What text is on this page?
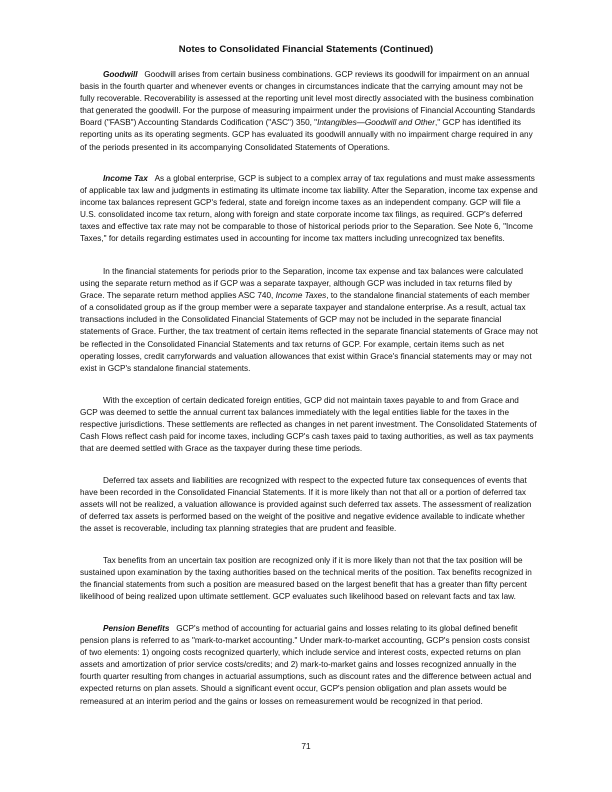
Notes to Consolidated Financial Statements (Continued)

Goodwill Goodwill arises from certain business combinations. GCP reviews its goodwill for impairment on an annual basis in the fourth quarter and whenever events or changes in circumstances indicate that the carrying amount may not be fully recoverable. Recoverability is assessed at the reporting unit level most directly associated with the business combination that generated the goodwill. For the purpose of measuring impairment under the provisions of Financial Accounting Standards Board ("FASB") Accounting Standards Codification ("ASC") 350, "Intangibles—Goodwill and Other," GCP has identified its reporting units as its operating segments. GCP has evaluated its goodwill annually with no impairment charge required in any of the periods presented in its accompanying Consolidated Statements of Operations.

Income Tax As a global enterprise, GCP is subject to a complex array of tax regulations and must make assessments of applicable tax law and judgments in estimating its ultimate income tax liability. After the Separation, income tax expense and income tax balances represent GCP's federal, state and foreign income taxes as an independent company. GCP will file a U.S. consolidated income tax return, along with foreign and state corporate income tax filings, as required. GCP's deferred taxes and effective tax rate may not be comparable to those of historical periods prior to the Separation. See Note 6, "Income Taxes," for details regarding estimates used in accounting for income tax matters including unrecognized tax benefits.

In the financial statements for periods prior to the Separation, income tax expense and tax balances were calculated using the separate return method as if GCP was a separate taxpayer, although GCP was included in tax returns filed by Grace. The separate return method applies ASC 740, Income Taxes, to the standalone financial statements of each member of a consolidated group as if the group member were a separate taxpayer and standalone enterprise. As a result, actual tax transactions included in the Consolidated Financial Statements of GCP may not be included in the separate financial statements of Grace. Further, the tax treatment of certain items reflected in the separate financial statements of Grace may not be reflected in the Consolidated Financial Statements and tax returns of GCP. For example, certain items such as net operating losses, credit carryforwards and valuation allowances that exist within Grace's financial statements may or may not exist in GCP's standalone financial statements.

With the exception of certain dedicated foreign entities, GCP did not maintain taxes payable to and from Grace and GCP was deemed to settle the annual current tax balances immediately with the legal entities liable for the taxes in the respective jurisdictions. These settlements are reflected as changes in net parent investment. The Consolidated Statements of Cash Flows reflect cash paid for income taxes, including GCP's cash taxes paid to taxing authorities, as well as tax payments that are deemed settled with Grace as the taxpayer during these time periods.

Deferred tax assets and liabilities are recognized with respect to the expected future tax consequences of events that have been recorded in the Consolidated Financial Statements. If it is more likely than not that all or a portion of deferred tax assets will not be realized, a valuation allowance is provided against such deferred tax assets. The assessment of realization of deferred tax assets is performed based on the weight of the positive and negative evidence available to indicate whether the asset is recoverable, including tax planning strategies that are prudent and feasible.

Tax benefits from an uncertain tax position are recognized only if it is more likely than not that the tax position will be sustained upon examination by the taxing authorities based on the technical merits of the position. Tax benefits recognized in the financial statements from such a position are measured based on the largest benefit that has a greater than fifty percent likelihood of being realized upon ultimate settlement. GCP evaluates such likelihood based on relevant facts and tax law.

Pension Benefits GCP's method of accounting for actuarial gains and losses relating to its global defined benefit pension plans is referred to as "mark-to-market accounting." Under mark-to-market accounting, GCP's pension costs consist of two elements: 1) ongoing costs recognized quarterly, which include service and interest costs, expected returns on plan assets and amortization of prior service costs/credits; and 2) mark-to-market gains and losses recognized annually in the fourth quarter resulting from changes in actuarial assumptions, such as discount rates and the difference between actual and expected returns on plan assets. Should a significant event occur, GCP's pension obligation and plan assets would be remeasured at an interim period and the gains or losses on remeasurement would be recognized in that period.

71
